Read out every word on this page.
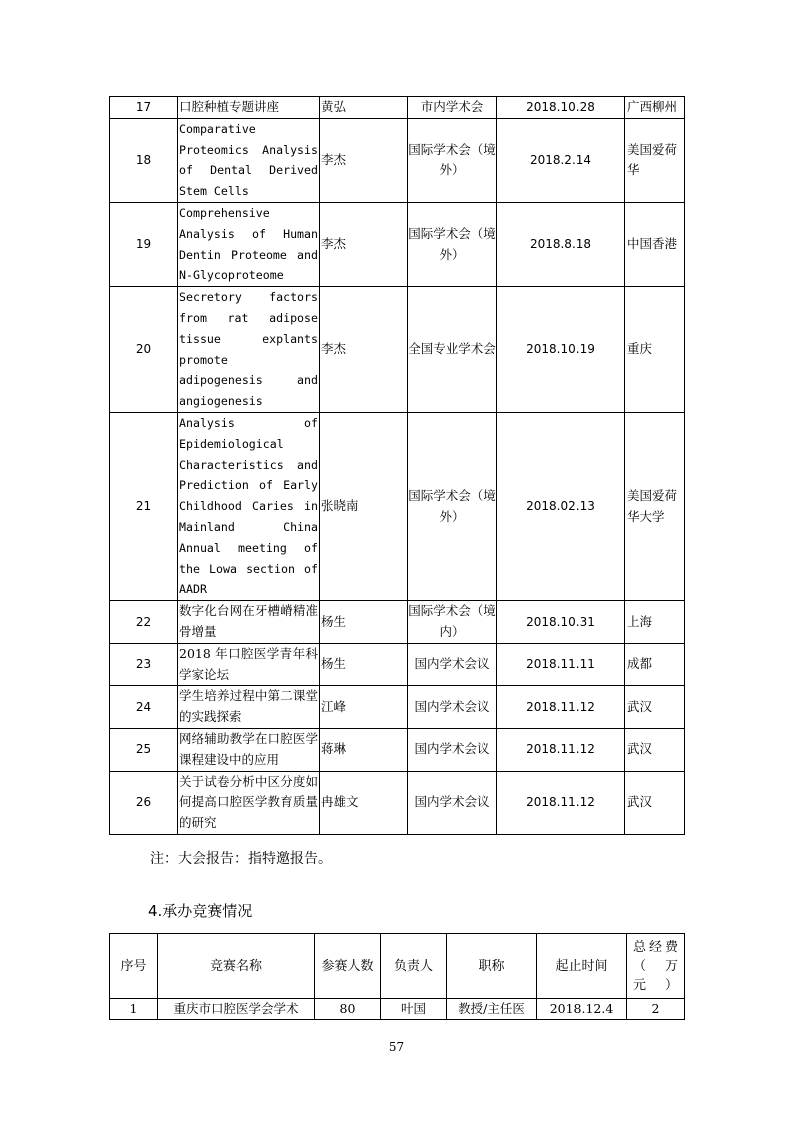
17	口腔种植专题讲座	黄弘	市内学术会	2018.10.28	广西柳州
18	Comparative Proteomics Analysis of Dental Derived Stem Cells	李杰	国际学术会（境外）	2018.2.14	美国爱荷华
19	Comprehensive Analysis of Human Dentin Proteome and N-Glycoproteome	李杰	国际学术会（境外）	2018.8.18	中国香港
20	Secretory factors from rat adipose tissue explants promote adipogenesis and angiogenesis	李杰	全国专业学术会	2018.10.19	重庆
21	Analysis of Epidemiological Characteristics and Prediction of Early Childhood Caries in Mainland China Annual meeting of the Lowa section of AADR	张晓南	国际学术会（境外）	2018.02.13	美国爱荷华大学
22	数字化台网在牙槽嵴精准骨增量	杨生	国际学术会（境内）	2018.10.31	上海
23	2018 年口腔医学青年科学家论坛	杨生	国内学术会议	2018.11.11	成都
24	学生培养过程中第二课堂的实践探索	江峰	国内学术会议	2018.11.12	武汉
25	网络辅助教学在口腔医学课程建设中的应用	蒋琳	国内学术会议	2018.11.12	武汉
26	关于试卷分析中区分度如何提高口腔医学教育质量的研究	冉雄文	国内学术会议	2018.11.12	武汉
注：大会报告：指特邀报告。
4.承办竞赛情况
序号	竞赛名称	参赛人数	负责人	职称	起止时间	总经费（万元）
1	重庆市口腔医学会学术	80	叶国	教授/主任医	2018.12.4	2
57
